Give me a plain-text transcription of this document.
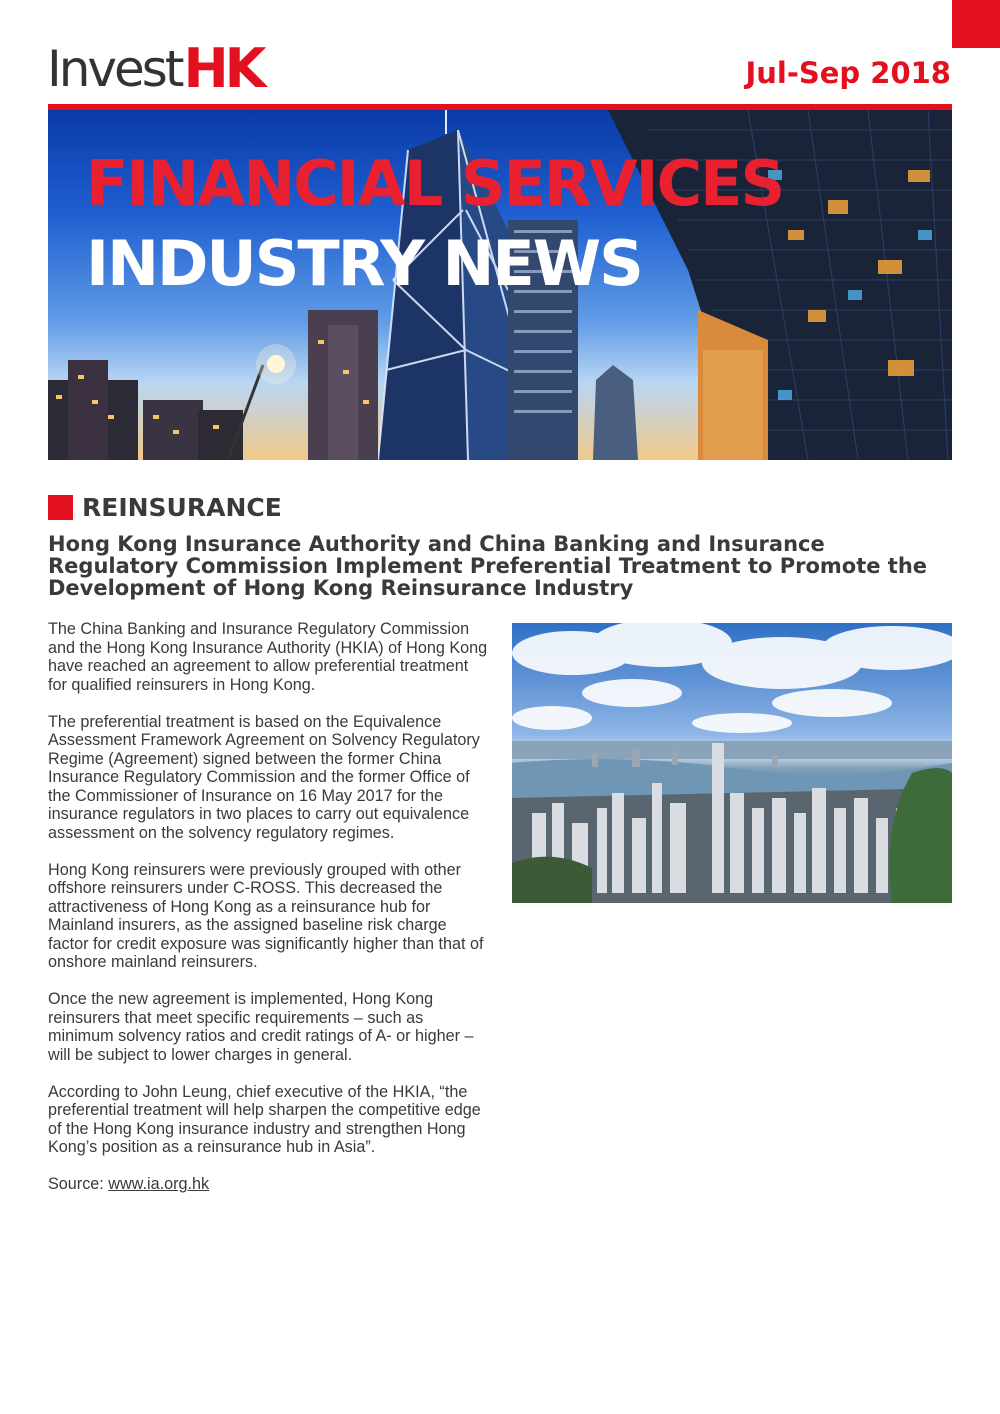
Invest HK	Jul-Sep 2018
FINANCIAL SERVICES
INDUSTRY NEWS
REINSURANCE
Hong Kong Insurance Authority and China Banking and Insurance Regulatory Commission Implement Preferential Treatment to Promote the Development of Hong Kong Reinsurance Industry

The China Banking and Insurance Regulatory Commission and the Hong Kong Insurance Authority (HKIA) of Hong Kong have reached an agreement to allow preferential treatment for qualified reinsurers in Hong Kong.

The preferential treatment is based on the Equivalence Assessment Framework Agreement on Solvency Regulatory Regime (Agreement) signed between the former China Insurance Regulatory Commission and the former Office of the Commissioner of Insurance on 16 May 2017 for the insurance regulators in two places to carry out equivalence assessment on the solvency regulatory regimes.

Hong Kong reinsurers were previously grouped with other offshore reinsurers under C-ROSS. This decreased the attractiveness of Hong Kong as a reinsurance hub for Mainland insurers, as the assigned baseline risk charge factor for credit exposure was significantly higher than that of onshore mainland reinsurers.

Once the new agreement is implemented, Hong Kong reinsurers that meet specific requirements – such as minimum solvency ratios and credit ratings of A- or higher – will be subject to lower charges in general.

According to John Leung, chief executive of the HKIA, “the preferential treatment will help sharpen the competitive edge of the Hong Kong insurance industry and strengthen Hong Kong’s position as a reinsurance hub in Asia”.

Source: www.ia.org.hk
